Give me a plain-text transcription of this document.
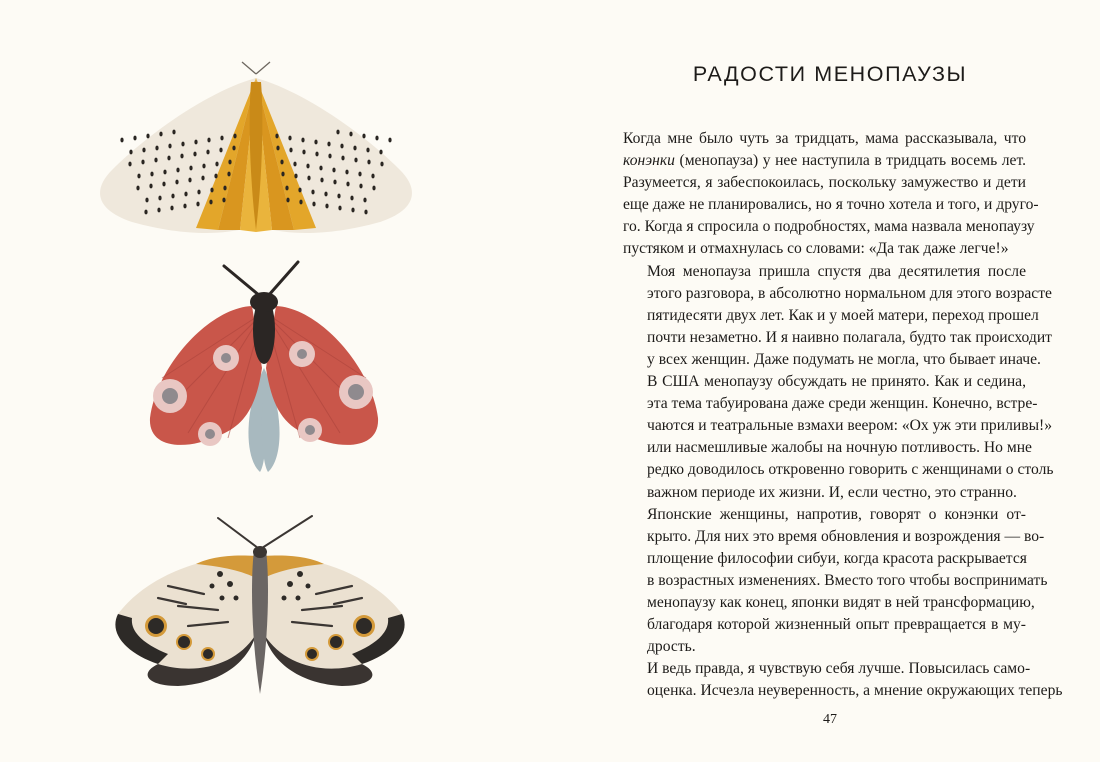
РАДОСТИ МЕНОПАУЗЫ

Когда мне было чуть за тридцать, мама рассказывала, что
конэнки (менопауза) у нее наступила в тридцать восемь лет.
Разумеется, я забеспокоилась, поскольку замужество и дети
еще даже не планировались, но я точно хотела и того, и друго-
го. Когда я спросила о подробностях, мама назвала менопаузу
пустяком и отмахнулась со словами: «Да так даже легче!»

Моя менопауза пришла спустя два десятилетия после
этого разговора, в абсолютно нормальном для этого возрасте
пятидесяти двух лет. Как и у моей матери, переход прошел
почти незаметно. И я наивно полагала, будто так происходит
у всех женщин. Даже подумать не могла, что бывает иначе.

В США менопаузу обсуждать не принято. Как и седина,
эта тема табуирована даже среди женщин. Конечно, встре-
чаются и театральные взмахи веером: «Ох уж эти приливы!»
или насмешливые жалобы на ночную потливость. Но мне
редко доводилось откровенно говорить с женщинами о столь
важном периоде их жизни. И, если честно, это странно.

Японские женщины, напротив, говорят о конэнки от-
крыто. Для них это время обновления и возрождения — во-
площение философии сибуи, когда красота раскрывается
в возрастных изменениях. Вместо того чтобы воспринимать
менопаузу как конец, японки видят в ней трансформацию,
благодаря которой жизненный опыт превращается в му-
дрость.

И ведь правда, я чувствую себя лучше. Повысилась само-
оценка. Исчезла неуверенность, а мнение окружающих теперь

47
